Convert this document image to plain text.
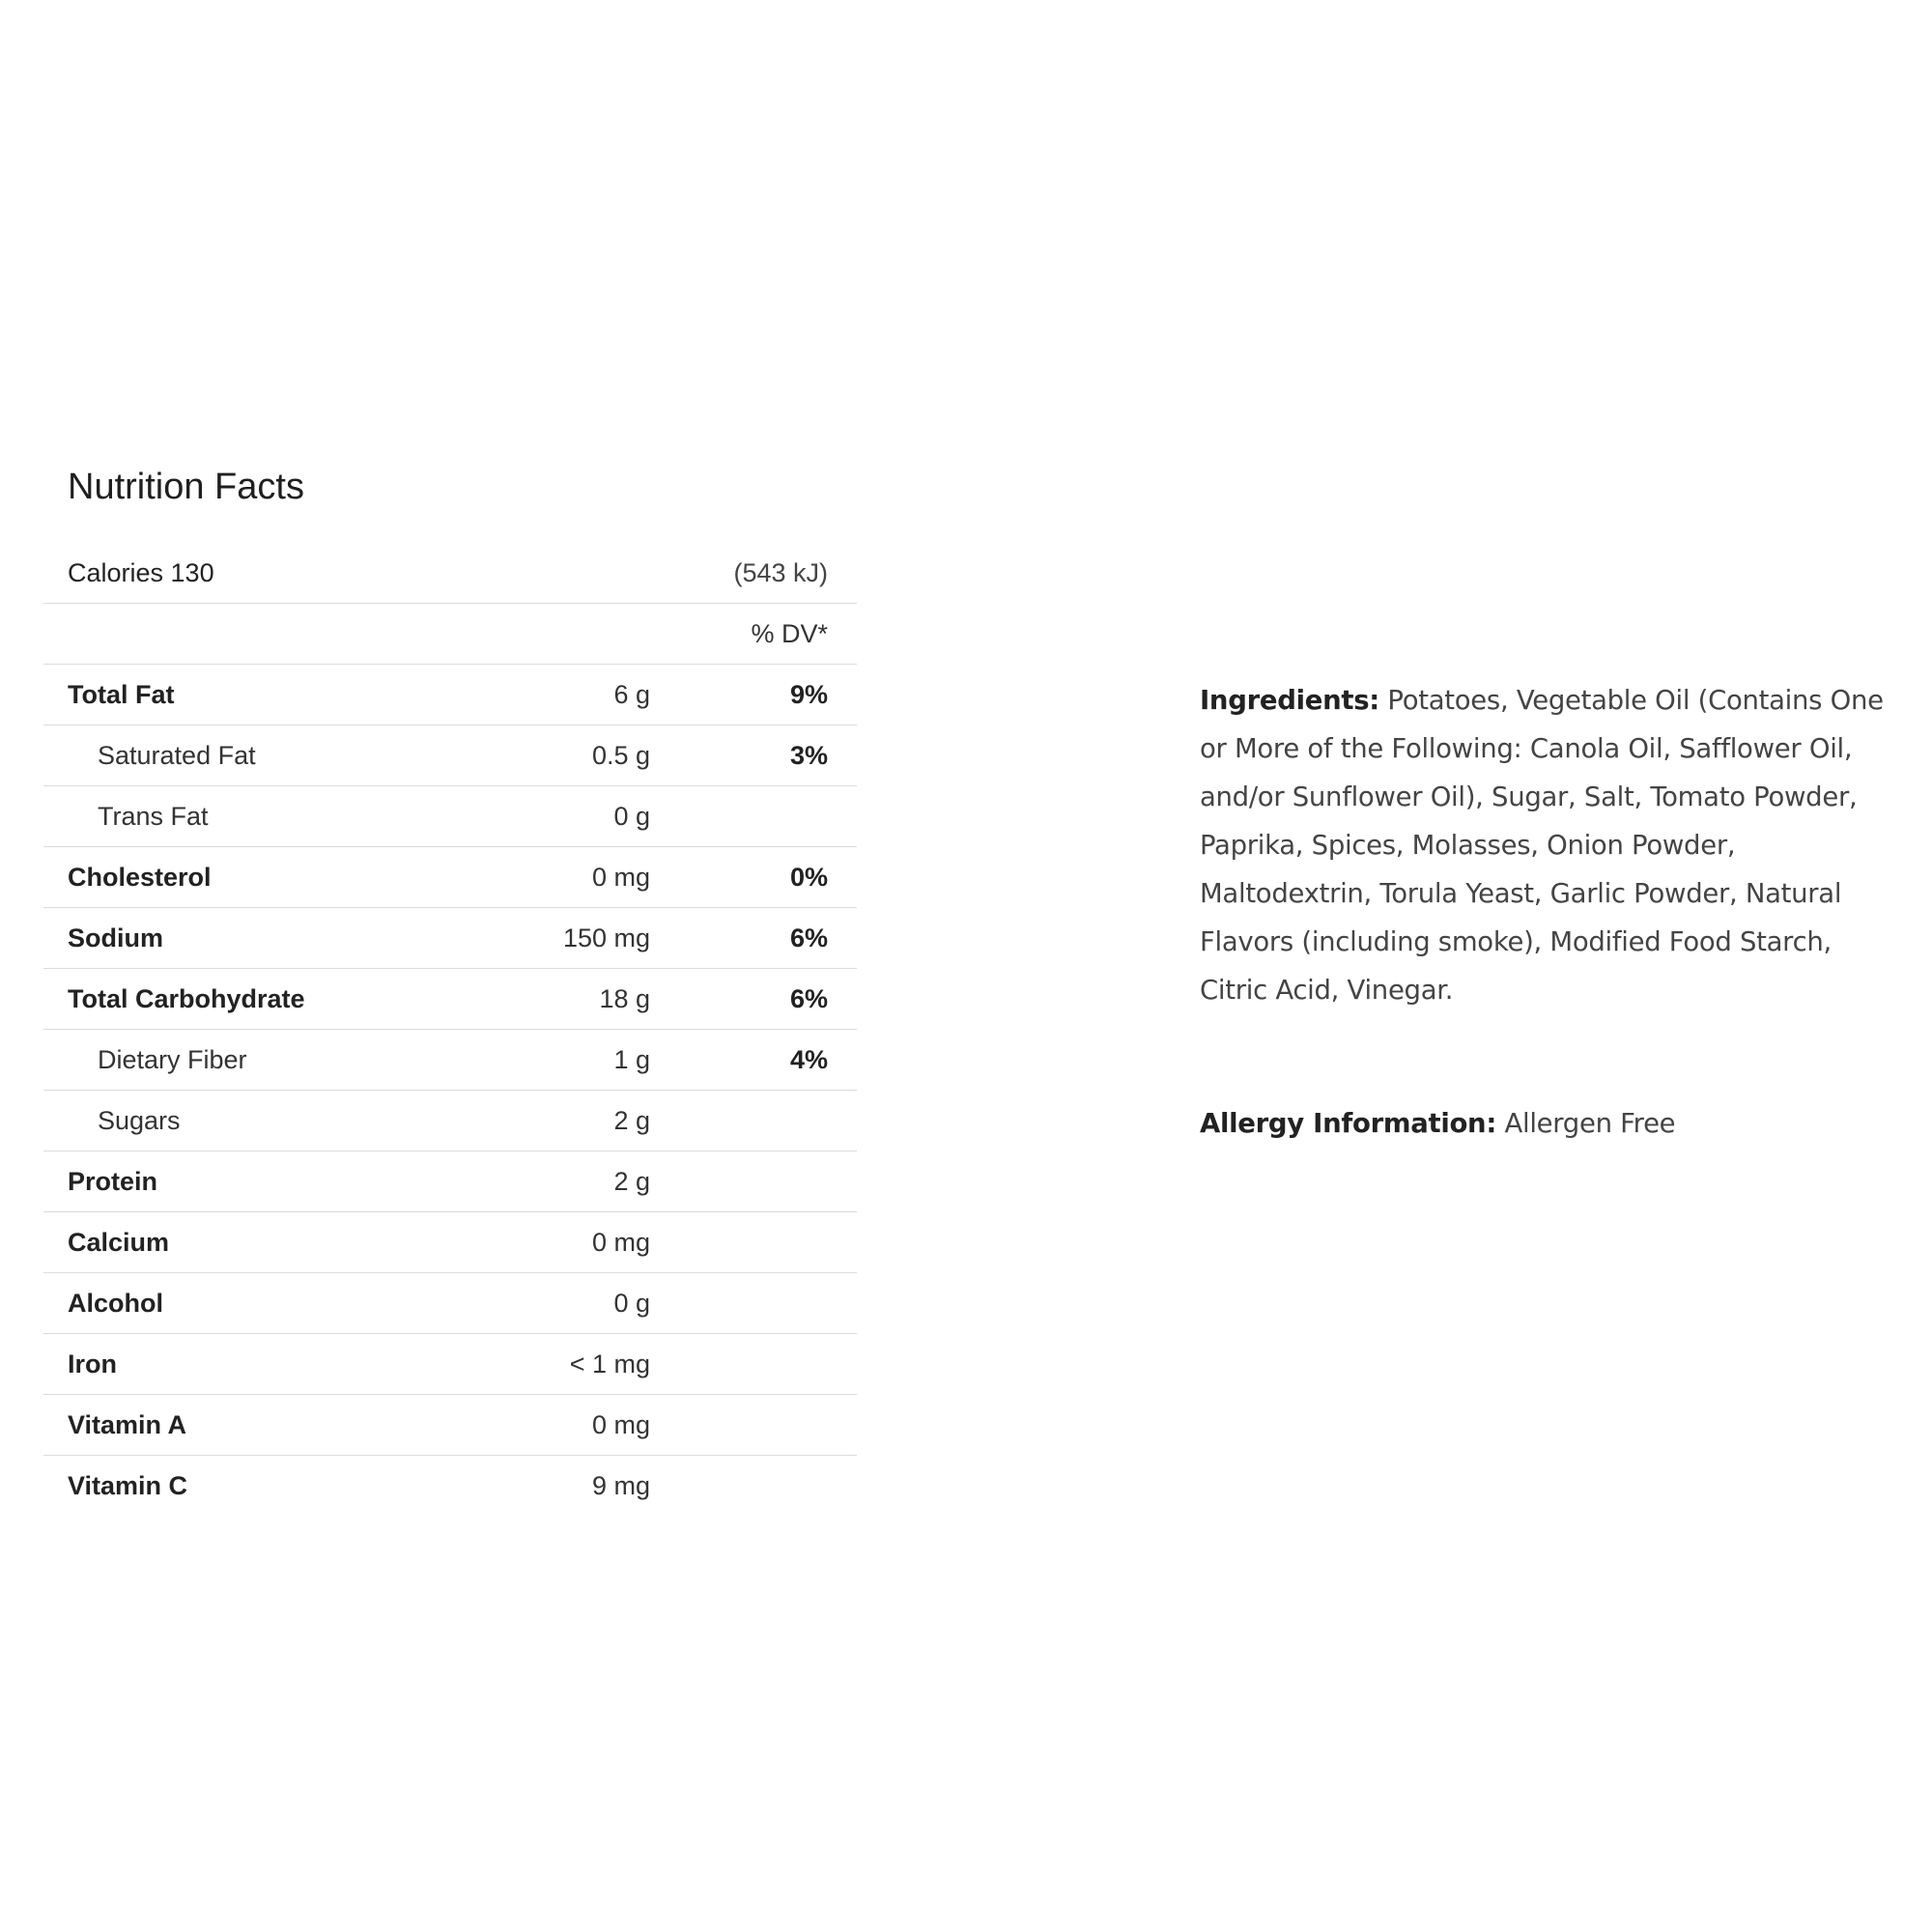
Nutrition Facts
Calories 130	(543 kJ)
% DV*
Total Fat	6 g	9%
Saturated Fat	0.5 g	3%
Trans Fat	0 g
Cholesterol	0 mg	0%
Sodium	150 mg	6%
Total Carbohydrate	18 g	6%
Dietary Fiber	1 g	4%
Sugars	2 g
Protein	2 g
Calcium	0 mg
Alcohol	0 g
Iron	< 1 mg
Vitamin A	0 mg
Vitamin C	9 mg
Ingredients: Potatoes, Vegetable Oil (Contains One or More of the Following: Canola Oil, Safflower Oil, and/or Sunflower Oil), Sugar, Salt, Tomato Powder, Paprika, Spices, Molasses, Onion Powder, Maltodextrin, Torula Yeast, Garlic Powder, Natural Flavors (including smoke), Modified Food Starch, Citric Acid, Vinegar.
Allergy Information: Allergen Free
